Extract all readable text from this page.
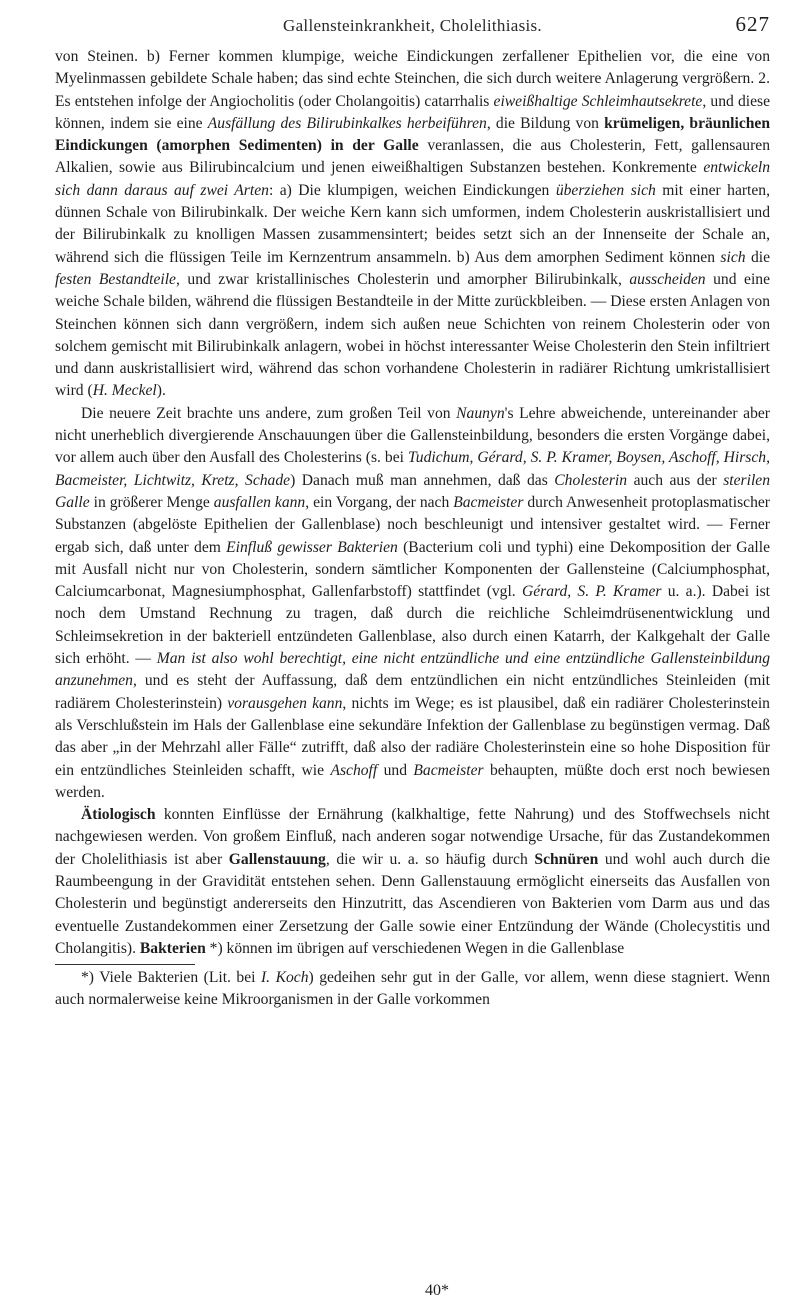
Gallensteinkrankheit, Cholelithiasis.	627

von Steinen. b) Ferner kommen klumpige, weiche Eindickungen zerfallener Epithelien vor, die eine von Myelinmassen gebildete Schale haben; das sind echte Steinchen, die sich durch weitere Anlagerung vergrößern. 2. Es entstehen infolge der Angiocholitis (oder Cholangoitis) catarrhalis eiweißhaltige Schleimhautsekrete, und diese können, indem sie eine Ausfällung des Bilirubinkalkes herbeiführen, die Bildung von krümeligen, bräunlichen Eindickungen (amorphen Sedimenten) in der Galle veranlassen, die aus Cholesterin, Fett, gallensauren Alkalien, sowie aus Bilirubincalcium und jenen eiweißhaltigen Substanzen bestehen. Konkremente entwickeln sich dann daraus auf zwei Arten: a) Die klumpigen, weichen Eindickungen überziehen sich mit einer harten, dünnen Schale von Bilirubinkalk. Der weiche Kern kann sich umformen, indem Cholesterin auskristallisiert und der Bilirubinkalk zu knolligen Massen zusammensintert; beides setzt sich an der Innenseite der Schale an, während sich die flüssigen Teile im Kernzentrum ansammeln. b) Aus dem amorphen Sediment können sich die festen Bestandteile, und zwar kristallinisches Cholesterin und amorpher Bilirubinkalk, ausscheiden und eine weiche Schale bilden, während die flüssigen Bestandteile in der Mitte zurückbleiben. — Diese ersten Anlagen von Steinchen können sich dann vergrößern, indem sich außen neue Schichten von reinem Cholesterin oder von solchem gemischt mit Bilirubinkalk anlagern, wobei in höchst interessanter Weise Cholesterin den Stein infiltriert und dann auskristallisiert wird, während das schon vorhandene Cholesterin in radiärer Richtung umkristallisiert wird (H. Meckel).

Die neuere Zeit brachte uns andere, zum großen Teil von Naunyn's Lehre abweichende, untereinander aber nicht unerheblich divergierende Anschauungen über die Gallensteinbildung, besonders die ersten Vorgänge dabei, vor allem auch über den Ausfall des Cholesterins (s. bei Tudichum, Gérard, S. P. Kramer, Boysen, Aschoff, Hirsch, Bacmeister, Lichtwitz, Kretz, Schade) Danach muß man annehmen, daß das Cholesterin auch aus der sterilen Galle in größerer Menge ausfallen kann, ein Vorgang, der nach Bacmeister durch Anwesenheit protoplasmatischer Substanzen (abgelöste Epithelien der Gallenblase) noch beschleunigt und intensiver gestaltet wird. — Ferner ergab sich, daß unter dem Einfluß gewisser Bakterien (Bacterium coli und typhi) eine Dekomposition der Galle mit Ausfall nicht nur von Cholesterin, sondern sämtlicher Komponenten der Gallensteine (Calciumphosphat, Calciumcarbonat, Magnesiumphosphat, Gallenfarbstoff) stattfindet (vgl. Gérard, S. P. Kramer u. a.). Dabei ist noch dem Umstand Rechnung zu tragen, daß durch die reichliche Schleimdrüsenentwicklung und Schleimsekretion in der bakteriell entzündeten Gallenblase, also durch einen Katarrh, der Kalkgehalt der Galle sich erhöht. — Man ist also wohl berechtigt, eine nicht entzündliche und eine entzündliche Gallensteinbildung anzunehmen, und es steht der Auffassung, daß dem entzündlichen ein nicht entzündliches Steinleiden (mit radiärem Cholesterinstein) vorausgehen kann, nichts im Wege; es ist plausibel, daß ein radiärer Cholesterinstein als Verschlußstein im Hals der Gallenblase eine sekundäre Infektion der Gallenblase zu begünstigen vermag. Daß das aber „in der Mehrzahl aller Fälle“ zutrifft, daß also der radiäre Cholesterinstein eine so hohe Disposition für ein entzündliches Steinleiden schafft, wie Aschoff und Bacmeister behaupten, müßte doch erst noch bewiesen werden.

Ätiologisch konnten Einflüsse der Ernährung (kalkhaltige, fette Nahrung) und des Stoffwechsels nicht nachgewiesen werden. Von großem Einfluß, nach anderen sogar notwendige Ursache, für das Zustandekommen der Cholelithiasis ist aber Gallenstauung, die wir u. a. so häufig durch Schnüren und wohl auch durch die Raumbeengung in der Gravidität entstehen sehen. Denn Gallenstauung ermöglicht einerseits das Ausfallen von Cholesterin und begünstigt andererseits den Hinzutritt, das Ascendieren von Bakterien vom Darm aus und das eventuelle Zustandekommen einer Zersetzung der Galle sowie einer Entzündung der Wände (Cholecystitis und Cholangitis). Bakterien *) können im übrigen auf verschiedenen Wegen in die Gallenblase

*) Viele Bakterien (Lit. bei I. Koch) gedeihen sehr gut in der Galle, vor allem, wenn diese stagniert. Wenn auch normalerweise keine Mikroorganismen in der Galle vorkommen

40*
